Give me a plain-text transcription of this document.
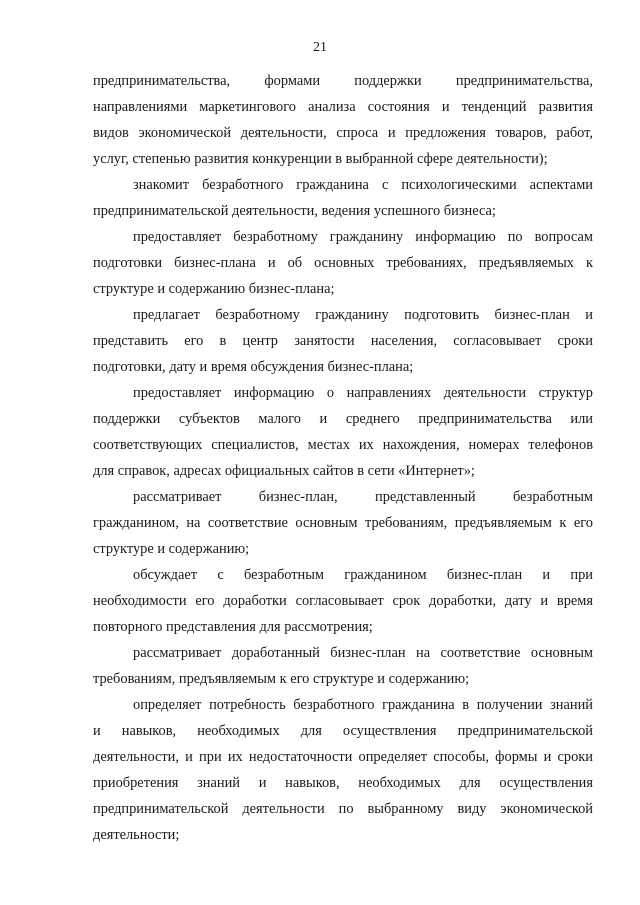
21
предпринимательства, формами поддержки предпринимательства,
направлениями маркетингового анализа состояния и тенденций развития
видов экономической деятельности, спроса и предложения товаров, работ,
услуг, степенью развития конкуренции в выбранной сфере деятельности);
знакомит безработного гражданина с психологическими аспектами
предпринимательской деятельности, ведения успешного бизнеса;
предоставляет безработному гражданину информацию по вопросам
подготовки бизнес-плана и об основных требованиях, предъявляемых к
структуре и содержанию бизнес-плана;
предлагает безработному гражданину подготовить бизнес-план и
представить его в центр занятости населения, согласовывает сроки
подготовки, дату и время обсуждения бизнес-плана;
предоставляет информацию о направлениях деятельности структур
поддержки субъектов малого и среднего предпринимательства или
соответствующих специалистов, местах их нахождения, номерах телефонов
для справок, адресах официальных сайтов в сети «Интернет»;
рассматривает бизнес-план, представленный безработным
гражданином, на соответствие основным требованиям, предъявляемым к его
структуре и содержанию;
обсуждает с безработным гражданином бизнес-план и при
необходимости его доработки согласовывает срок доработки, дату и время
повторного представления для рассмотрения;
рассматривает доработанный бизнес-план на соответствие основным
требованиям, предъявляемым к его структуре и содержанию;
определяет потребность безработного гражданина в получении знаний
и навыков, необходимых для осуществления предпринимательской
деятельности, и при их недостаточности определяет способы, формы и сроки
приобретения знаний и навыков, необходимых для осуществления
предпринимательской деятельности по выбранному виду экономической
деятельности;
